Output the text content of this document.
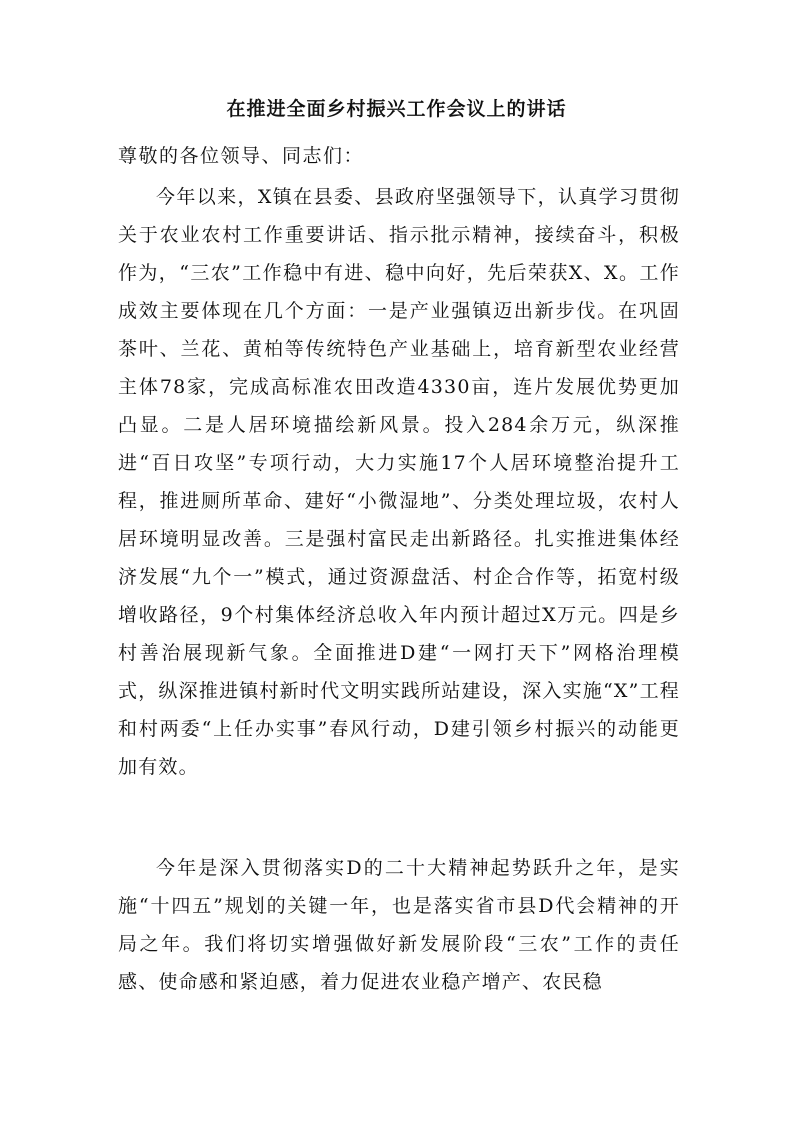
在推进全面乡村振兴工作会议上的讲话

尊敬的各位领导、同志们：

今年以来，X镇在县委、县政府坚强领导下，认真学习贯彻关于农业农村工作重要讲话、指示批示精神，接续奋斗，积极作为，“三农”工作稳中有进、稳中向好，先后荣获X、X。工作成效主要体现在几个方面：一是产业强镇迈出新步伐。在巩固茶叶、兰花、黄柏等传统特色产业基础上，培育新型农业经营主体78家，完成高标准农田改造4330亩，连片发展优势更加凸显。二是人居环境描绘新风景。投入284余万元，纵深推进“百日攻坚”专项行动，大力实施17个人居环境整治提升工程，推进厕所革命、建好“小微湿地”、分类处理垃圾，农村人居环境明显改善。三是强村富民走出新路径。扎实推进集体经济发展“九个一”模式，通过资源盘活、村企合作等，拓宽村级增收路径，9个村集体经济总收入年内预计超过X万元。四是乡村善治展现新气象。全面推进D建“一网打天下”网格治理模式，纵深推进镇村新时代文明实践所站建设，深入实施“X”工程和村两委“上任办实事”春风行动，D建引领乡村振兴的动能更加有效。

今年是深入贯彻落实D的二十大精神起势跃升之年，是实施“十四五”规划的关键一年，也是落实省市县D代会精神的开局之年。我们将切实增强做好新发展阶段“三农”工作的责任感、使命感和紧迫感，着力促进农业稳产增产、农民稳
